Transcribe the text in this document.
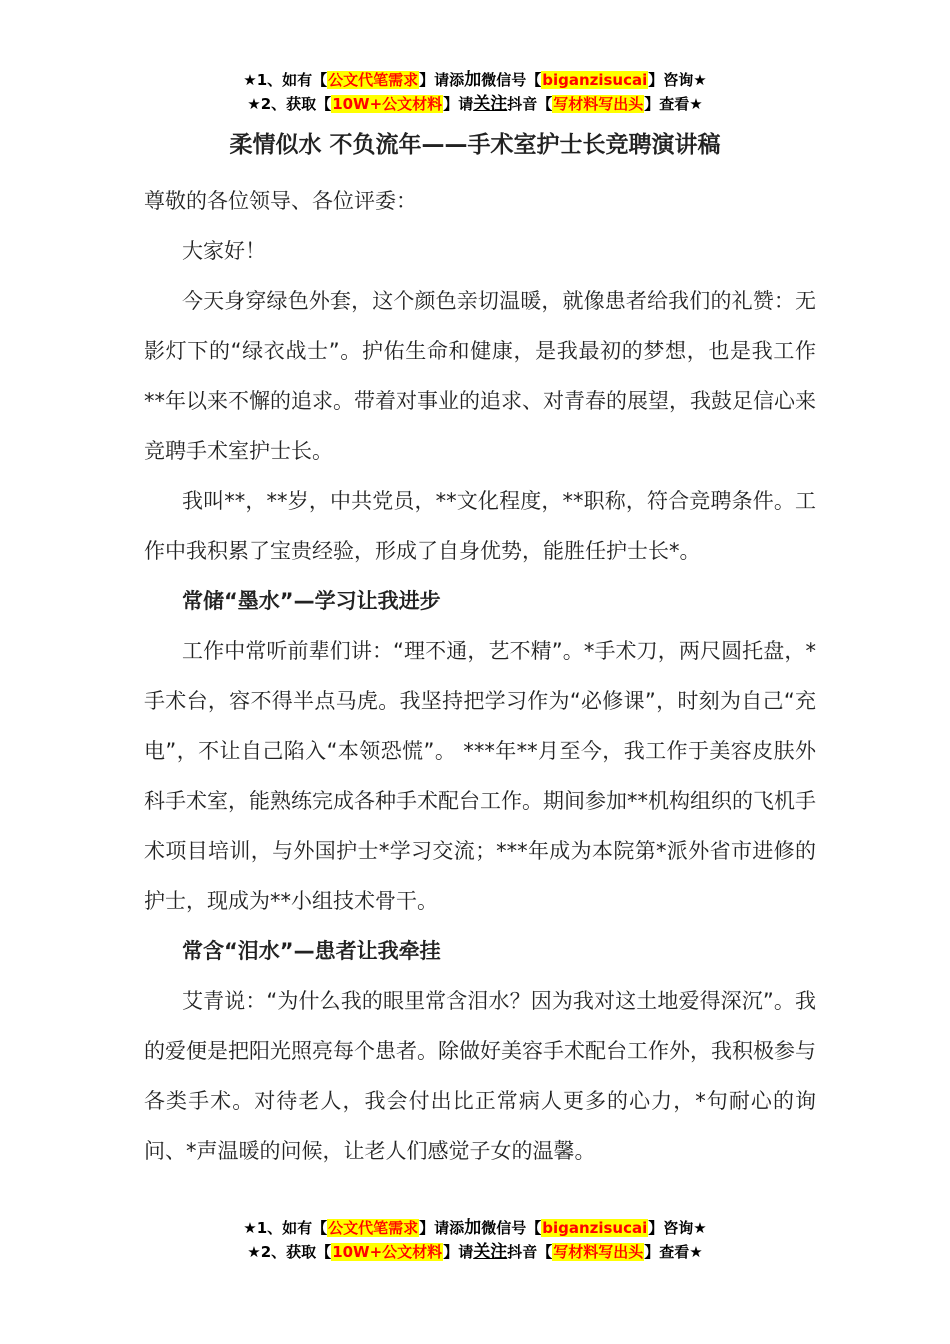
★1、如有【公文代笔需求】请添加微信号【biganzisucai】咨询★
★2、获取【10W+公文材料】请关注抖音【写材料写出头】查看★
柔情似水 不负流年——手术室护士长竞聘演讲稿

尊敬的各位领导、各位评委：

大家好！

今天身穿绿色外套，这个颜色亲切温暖，就像患者给我们的礼赞：无影灯下的“绿衣战士”。护佑生命和健康，是我最初的梦想，也是我工作**年以来不懈的追求。带着对事业的追求、对青春的展望，我鼓足信心来竞聘手术室护士长。

我叫**，**岁，中共党员，**文化程度，**职称，符合竞聘条件。工作中我积累了宝贵经验，形成了自身优势，能胜任护士长*。

常储“墨水”—学习让我进步

工作中常听前辈们讲：“理不通，艺不精”。*手术刀，两尺圆托盘，*手术台，容不得半点马虎。我坚持把学习作为“必修课”，时刻为自己“充电”，不让自己陷入“本领恐慌”。 ***年**月至今，我工作于美容皮肤外科手术室，能熟练完成各种手术配台工作。期间参加**机构组织的飞机手术项目培训，与外国护士*学习交流；***年成为本院第*派外省市进修的护士，现成为**小组技术骨干。

常含“泪水”—患者让我牵挂

艾青说：“为什么我的眼里常含泪水？因为我对这土地爱得深沉”。我的爱便是把阳光照亮每个患者。除做好美容手术配台工作外，我积极参与各类手术。对待老人，我会付出比正常病人更多的心力，*句耐心的询问、*声温暖的问候，让老人们感觉子女的温馨。

★1、如有【公文代笔需求】请添加微信号【biganzisucai】咨询★
★2、获取【10W+公文材料】请关注抖音【写材料写出头】查看★
